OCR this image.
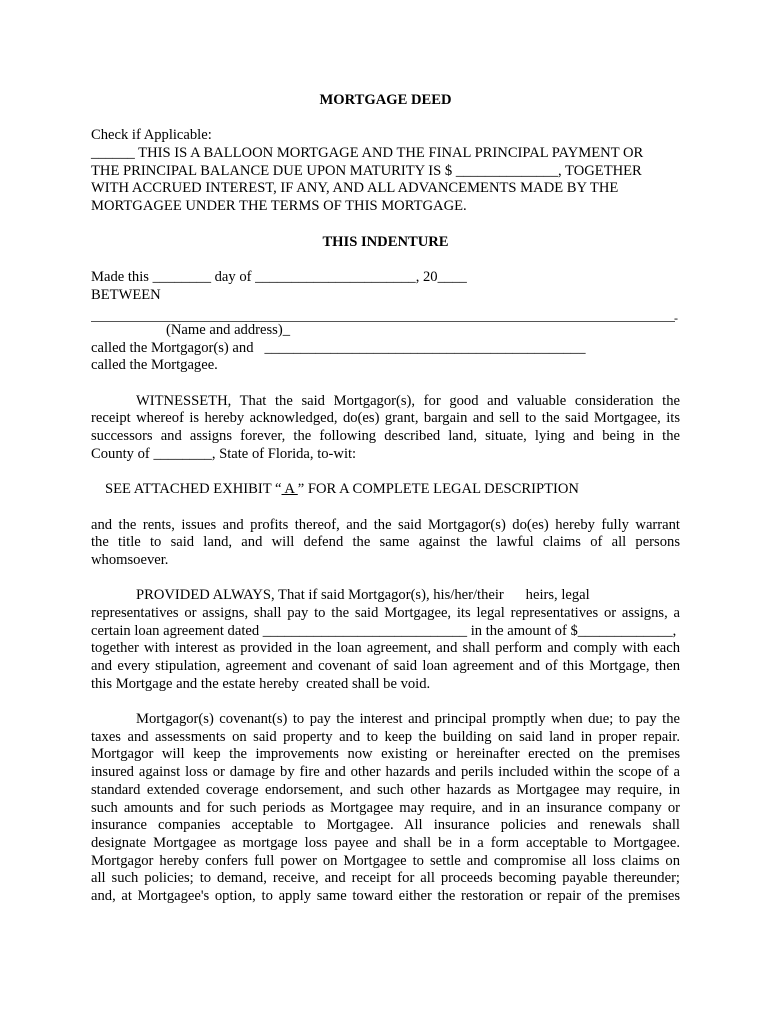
MORTGAGE DEED
Check if Applicable:
______ THIS IS A BALLOON MORTGAGE AND THE FINAL PRINCIPAL PAYMENT OR
THE PRINCIPAL BALANCE DUE UPON MATURITY IS $ ______________, TOGETHER
WITH ACCRUED INTEREST, IF ANY, AND ALL ADVANCEMENTS MADE BY THE
MORTGAGEE UNDER THE TERMS OF THIS MORTGAGE.
THIS INDENTURE
Made this ________ day of ______________________, 20____
BETWEEN
(Name and address)_
called the Mortgagor(s) and   ____________________________________________
called the Mortgagee.
WITNESSETH, That the said Mortgagor(s), for good and valuable consideration the
receipt whereof is hereby acknowledged, do(es) grant, bargain and sell to the said Mortgagee, its
successors and assigns forever, the following described land, situate, lying and being in the
County of ________, State of Florida, to-wit:
SEE ATTACHED EXHIBIT “ A ” FOR A COMPLETE LEGAL DESCRIPTION
and the rents, issues and profits thereof, and the said Mortgagor(s) do(es) hereby fully warrant
the title to said land, and will defend the same against the lawful claims of all persons
whomsoever.
PROVIDED ALWAYS, That if said Mortgagor(s), his/her/their      heirs, legal
representatives or assigns, shall pay to the said Mortgagee, its legal representatives or assigns, a
certain loan agreement dated ____________________________ in the amount of $_____________,
together with interest as provided in the loan agreement, and shall perform and comply with each
and every stipulation, agreement and covenant of said loan agreement and of this Mortgage, then
this Mortgage and the estate hereby  created shall be void.
Mortgagor(s) covenant(s) to pay the interest and principal promptly when due; to pay the
taxes and assessments on said property and to keep the building on said land in proper repair.
Mortgagor will keep the improvements now existing or hereinafter erected on the premises
insured against loss or damage by fire and other hazards and perils included within the scope of a
standard extended coverage endorsement, and such other hazards as Mortgagee may require, in
such amounts and for such periods as Mortgagee may require, and in an insurance company or
insurance companies acceptable to Mortgagee. All insurance policies and renewals shall
designate Mortgagee as mortgage loss payee and shall be in a form acceptable to Mortgagee.
Mortgagor hereby confers full power on Mortgagee to settle and compromise all loss claims on
all such policies; to demand, receive, and receipt for all proceeds becoming payable thereunder;
and, at Mortgagee's option, to apply same toward either the restoration or repair of the premises
-
